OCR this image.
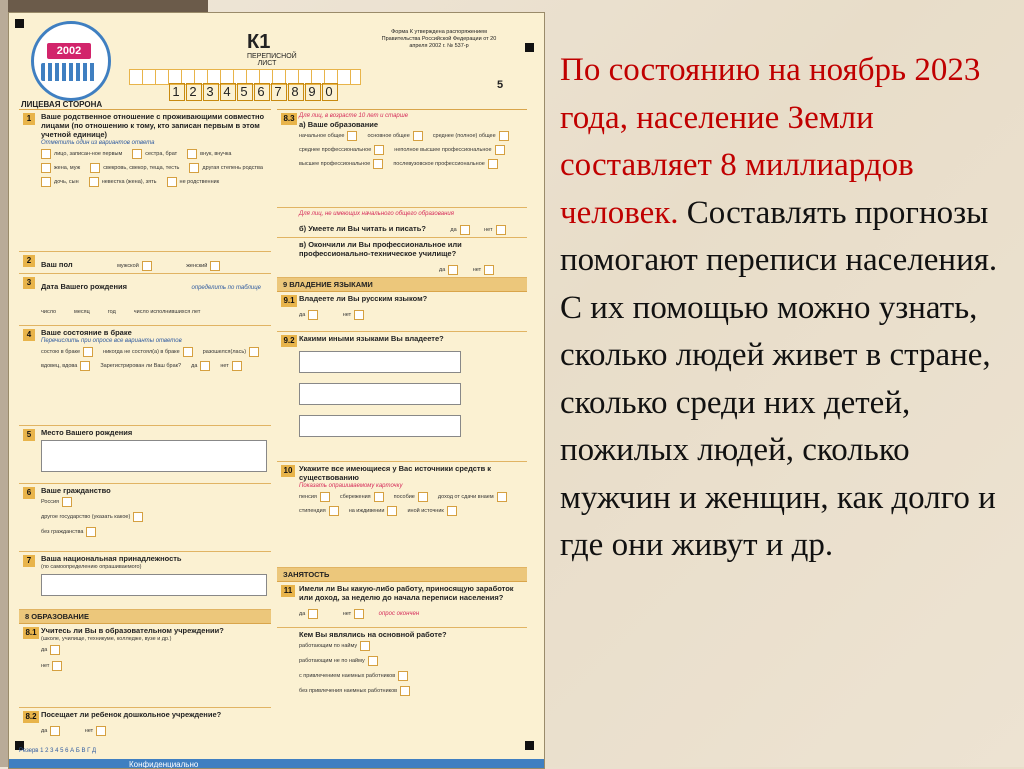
2002	К1
ПЕРЕПИСНОЙ ЛИСТ
Форма К утверждена распоряжением Правительства Российской Федерации от 20 апреля 2002 г. № 537-р
5
ЛИЦЕВАЯ СТОРОНА
1 2 3 4 5 6 7 8 9 0
1	Ваше родственное отношение с проживающими совместно лицами (по отношению к тому, кто записан первым в этом учетной единице)
Отметить один из вариантов ответа
лицо, записан-ное первым	сестра, брат	внук, внучка
жена, муж	свекровь, свекор, теща, тесть	другая степень родства
дочь, сын	невестка (жена), зять	не родственник
2	Ваш пол	мужской
	женский
3	Дата Вашего рождения	определить по таблице
число	месяц	год	число исполнившихся лет
4	Ваше состояние в браке
Перечислить при опросе все варианты ответов
состою в браке	никогда не состоял(а) в браке	разошелся(лась)
вдовец, вдова	Зарегистрирован ли Ваш брак? да	нет
5	Место Вашего рождения
6	Ваше гражданство
Россия
другое государство (указать какое)
без гражданства
7	Ваша национальная принадлежность
(по самоопределению опрашиваемого)
8 ОБРАЗОВАНИЕ
8.1 Учитесь ли Вы в образовательном учреждении?
(школе, училище, техникуме, колледже, вузе и др.)
да
нет
8.2 Посещает ли ребенок дошкольное учреждение?
да
	нет
8.3 Для лиц, в возрасте 10 лет и старше
а) Ваше образование
начальное общее	основное общее	среднее (полное) общее
среднее профессиональное	неполное высшее профессиональное
высшее профессиональное	послевузовское профессиональное
Для лиц, не имеющих начального общего образования
б) Умеете ли Вы читать и писать?	да
	нет
в) Окончили ли Вы профессиональное или профессионально-техническое училище?
да
	нет
9 ВЛАДЕНИЕ ЯЗЫКАМИ
9.1 Владеете ли Вы русским языком?
да
	нет
9.2 Какими иными языками Вы владеете?
10 Укажите все имеющиеся у Вас источники средств к существованию
Показать опрашиваемому карточку
пенсия	сбережения	пособие	доход от сдачи внаем
стипендия	на иждивении	иной источник
ЗАНЯТОСТЬ
11 Имели ли Вы какую-либо работу, приносящую заработок или доход, за неделю до начала переписи населения?
да
	нет	опрос окончен
Кем Вы являлись на основной работе?
работающим по найму
работающим не по найму
с привлечением наемных работников
без привлечения наемных работников
Резерв 1 2 3 4 5 6 А Б В Г Д
Конфиденциально
По состоянию на ноябрь 2023 года, население Земли составляет 8 миллиардов человек. Составлять прогнозы помогают переписи населения. С их помощью можно узнать, сколько людей живет в стране, сколько среди них детей, пожилых людей, сколько мужчин и женщин, как долго и где они живут и др.
